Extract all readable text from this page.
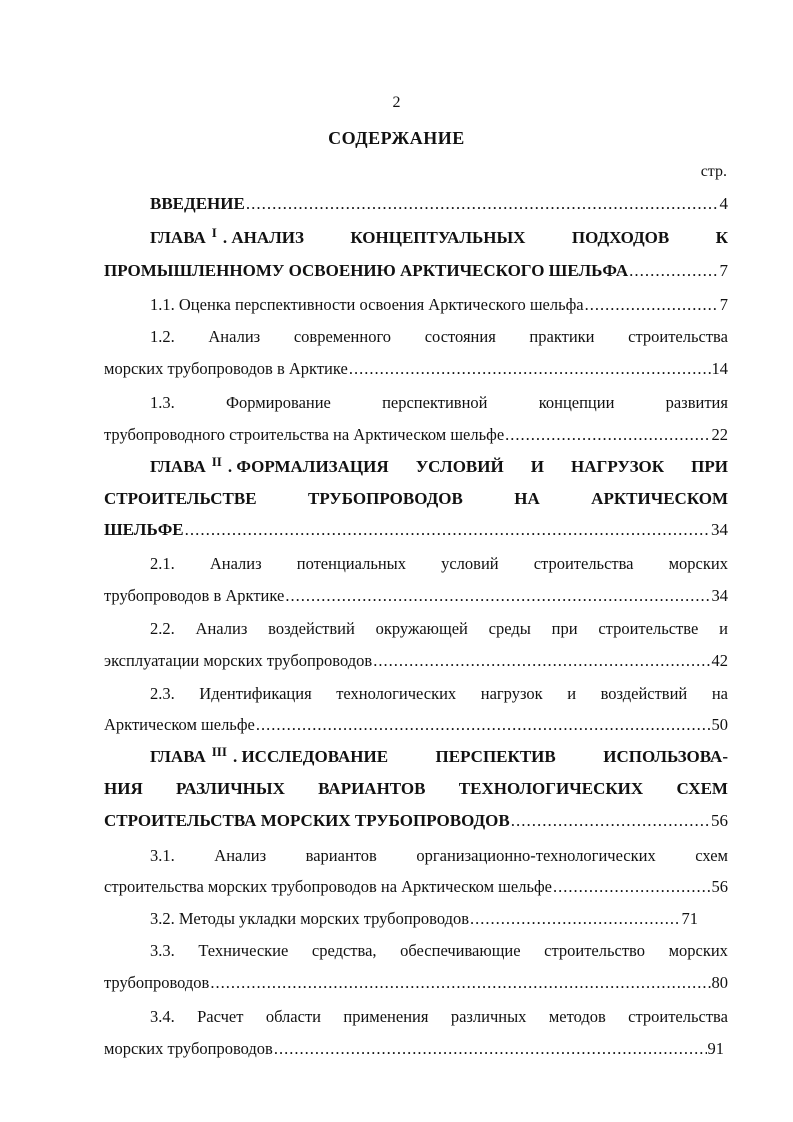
2
СОДЕРЖАНИЕ
стр.
ВВЕДЕНИЕ .....	4
ГЛАВА $^I$ . АНАЛИЗ	КОНЦЕПТУАЛЬНЫХ	ПОДХОДОВ	К
ПРОМЫШЛЕННОМУ ОСВОЕНИЮ АРКТИЧЕСКОГО ШЕЛЬФА .....	7
1.1. Оценка перспективности освоения Арктического шельфа .....	7
1.2. Анализ современного состояния практики строительства
морских трубопроводов в Арктике .....	14
1.3.	Формирование	перспективной	концепции	развития
трубопроводного строительства на Арктическом шельфе .....	22
ГЛАВА $^{II}$ . ФОРМАЛИЗАЦИЯ УСЛОВИЙ И НАГРУЗОК ПРИ
СТРОИТЕЛЬСТВЕ	ТРУБОПРОВОДОВ	НА	АРКТИЧЕСКОМ
ШЕЛЬФЕ .....	34
2.1. Анализ потенциальных условий строительства морских
трубопроводов в Арктике .....	34
2.2. Анализ воздействий окружающей среды при строительстве и
эксплуатации морских трубопроводов .....	42
2.3. Идентификация технологических нагрузок и воздействий на
Арктическом шельфе .....	50
ГЛАВА $^{III}$ . ИССЛЕДОВАНИЕ	ПЕРСПЕКТИВ	ИСПОЛЬЗОВА-
НИЯ РАЗЛИЧНЫХ ВАРИАНТОВ ТЕХНОЛОГИЧЕСКИХ СХЕМ
СТРОИТЕЛЬСТВА МОРСКИХ ТРУБОПРОВОДОВ .....	56
3.1. Анализ вариантов организационно-технологических схем
строительства морских трубопроводов на Арктическом шельфе .....	56
3.2. Методы укладки морских трубопроводов .....	71
3.3. Технические средства, обеспечивающие строительство морских
трубопроводов .....	80
3.4. Расчет области применения различных методов строительства
морских трубопроводов .....	91
